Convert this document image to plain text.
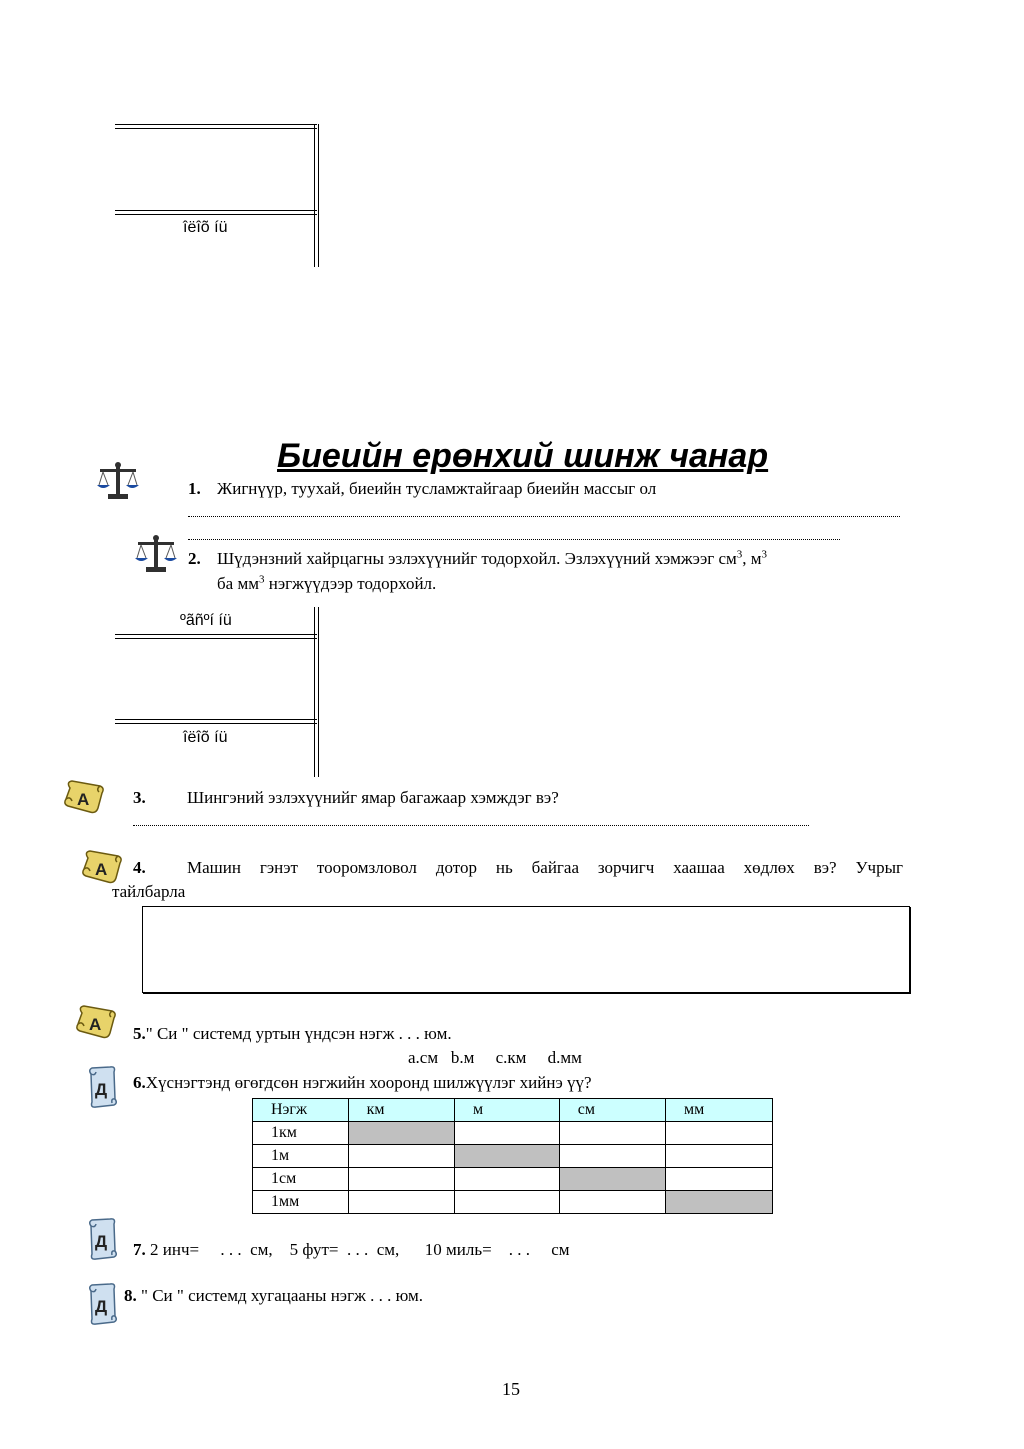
îëîõ íü
Биеийн ерөнхий шинж чанар
1. Жигнүүр, туухай, биеийн тусламжтайгаар биеийн массыг ол
2. Шүдэнзний хайрцагны эзлэхүүнийг тодорхойл. Эзлэхүүний хэмжээг $см^3$, $м^3$
ба $мм^3$ нэгжүүдээр тодорхойл.
ºãñºí íü
îëîõ íü
A	3. Шингэний эзлэхүүнийг ямар багажаар хэмждэг вэ?
A 4. Машин гэнэт тооромзловол дотор нь байгаа зорчигч хаашаа хөдлөх вэ? Учрыг
тайлбарла
A 5." Си " системд уртын үндсэн нэгж . . . юм.
a.см   b.м     c.км     d.мм
Д 6.Хүснэгтэнд өгөгдсөн нэгжийн хооронд шилжүүлэг хийнэ үү?
Нэгж	км	м	см	мм
1км				
1м				
1см				
1мм				
Д 7. 2 инч=     . . .  см,    5 фут=  . . .  см,      10 миль=    . . .     см
Д
8. " Си " системд хугацааны нэгж . . . юм.
15
